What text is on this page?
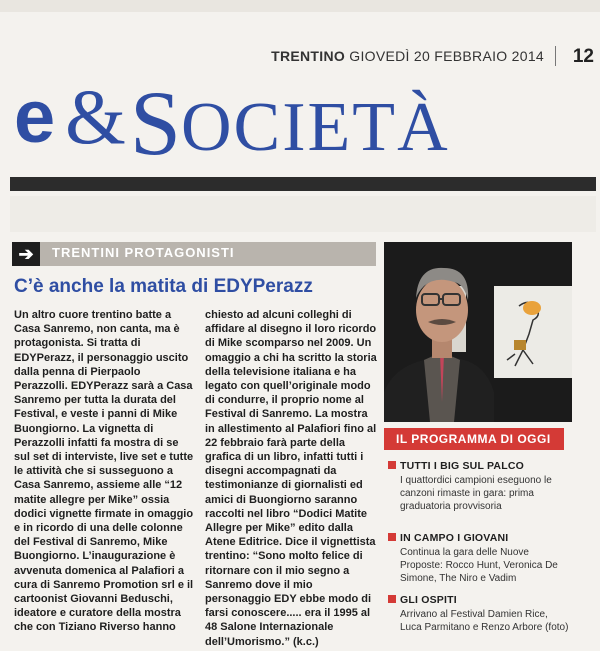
TRENTINO GIOVEDÌ 20 FEBBRAIO 2014 12
e & SOCIETÀ
➔	TRENTINI PROTAGONISTI
C’è anche la matita di EDYPerazz
Un altro cuore trentino batte a Casa Sanremo, non canta, ma è protagonista. Si tratta di EDYPerazz, il personaggio uscito dalla penna di Pierpaolo Perazzolli. EDYPerazz sarà a Casa Sanremo per tutta la durata del Festival, e veste i panni di Mike Buongiorno. La vignetta di Perazzolli infatti fa mostra di se sul set di interviste, live set e tutte le attività che si susseguono a Casa Sanremo, assieme alle “12 matite allegre per Mike” ossia dodici vignette firmate in omaggio e in ricordo di una delle colonne del Festival di Sanremo, Mike Buongiorno. L’inaugurazione è avvenuta domenica al Palafiori a cura di Sanremo Promotion srl e il cartoonist Giovanni Beduschi, ideatore e curatore della mostra che con Tiziano Riverso hanno
chiesto ad alcuni colleghi di affidare al disegno il loro ricordo di Mike scomparso nel 2009. Un omaggio a chi ha scritto la storia della televisione italiana e ha legato con quell’originale modo di condurre, il proprio nome al Festival di Sanremo. La mostra in allestimento al Palafiori fino al 22 febbraio farà parte della grafica di un libro, infatti tutti i disegni accompagnati da testimonianze di giornalisti ed amici di Buongiorno saranno raccolti nel libro “Dodici Matite Allegre per Mike” edito dalla Atene Editrice. Dice il vignettista trentino: “Sono molto felice di ritornare con il mio segno a Sanremo dove il mio personaggio EDY ebbe modo di farsi conoscere..... era il 1995 al 48 Salone Internazionale dell’Umorismo.” (k.c.)
IL PROGRAMMA DI OGGI
TUTTI I BIG SUL PALCO
I quattordici campioni eseguono le canzoni rimaste in gara: prima graduatoria provvisoria
IN CAMPO I GIOVANI
Continua la gara delle Nuove Proposte: Rocco Hunt, Veronica De Simone, The Niro e Vadim
GLI OSPITI
Arrivano al Festival Damien Rice, Luca Parmitano e Renzo Arbore (foto)
